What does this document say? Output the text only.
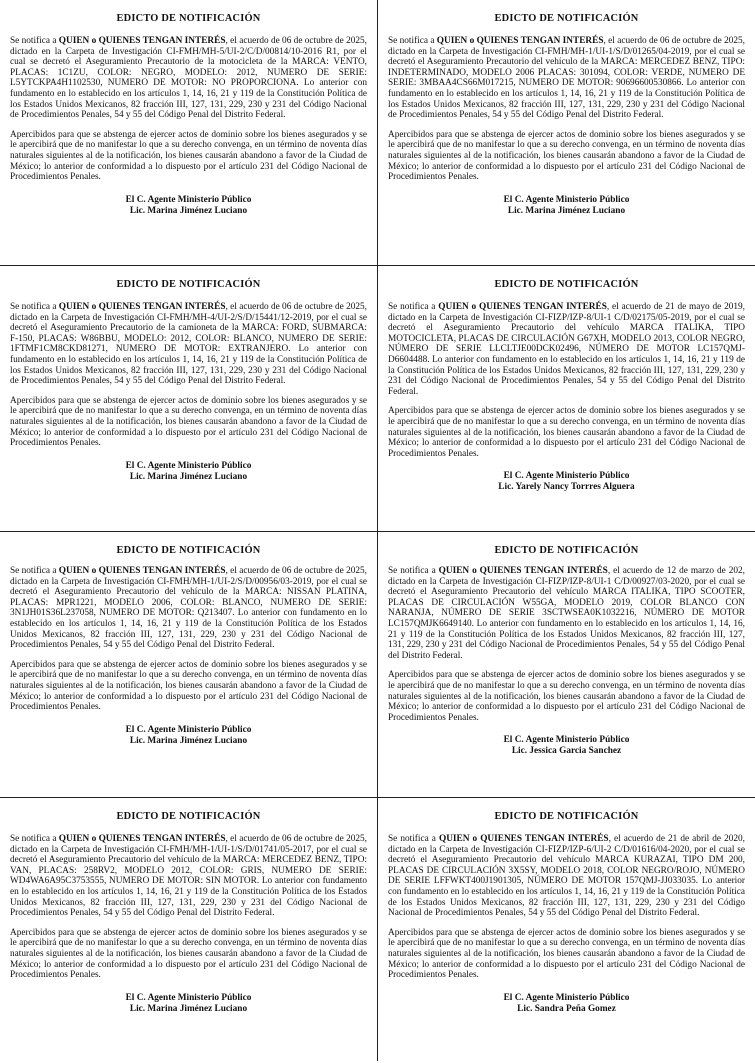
EDICTO DE NOTIFICACIÓN

Se notifica a QUIEN o QUIENES TENGAN INTERÉS, el acuerdo de 06 de octubre de 2025, dictado en la Carpeta de Investigación CI-FMH/MH-5/UI-2/C/D/00814/10-2016 R1, por el cual se decretó el Aseguramiento Precautorio de la motocicleta de la MARCA: VENTO, PLACAS: 1C1ZU, COLOR: NEGRO, MODELO: 2012, NUMERO DE SERIE: L5YTCKPA4H1102530, NUMERO DE MOTOR: NO PROPORCIONA. Lo anterior con fundamento en lo establecido en los artículos 1, 14, 16, 21 y 119 de la Constitución Política de los Estados Unidos Mexicanos, 82 fracción III, 127, 131, 229, 230 y 231 del Código Nacional de Procedimientos Penales, 54 y 55 del Código Penal del Distrito Federal.

Apercibidos para que se abstenga de ejercer actos de dominio sobre los bienes asegurados y se le apercibirá que de no manifestar lo que a su derecho convenga, en un término de noventa días naturales siguientes al de la notificación, los bienes causarán abandono a favor de la Ciudad de México; lo anterior de conformidad a lo dispuesto por el artículo 231 del Código Nacional de Procedimientos Penales.

El C. Agente Ministerio Público
Lic. Marina Jiménez Luciano
EDICTO DE NOTIFICACIÓN

Se notifica a QUIEN o QUIENES TENGAN INTERÉS, el acuerdo de 06 de octubre de 2025, dictado en la Carpeta de Investigación CI-FMH/MH-1/UI-1/S/D/01265/04-2019, por el cual se decretó el Aseguramiento Precautorio del vehículo de la MARCA: MERCEDEZ BENZ, TIPO: INDETERMINADO, MODELO 2006 PLACAS: 301094, COLOR: VERDE, NUMERO DE SERIE: 3MBAA4CS66M017215, NUMERO DE MOTOR: 90696600530866. Lo anterior con fundamento en lo establecido en los artículos 1, 14, 16, 21 y 119 de la Constitución Política de los Estados Unidos Mexicanos, 82 fracción III, 127, 131, 229, 230 y 231 del Código Nacional de Procedimientos Penales, 54 y 55 del Código Penal del Distrito Federal.

Apercibidos para que se abstenga de ejercer actos de dominio sobre los bienes asegurados y se le apercibirá que de no manifestar lo que a su derecho convenga, en un término de noventa días naturales siguientes al de la notificación, los bienes causarán abandono a favor de la Ciudad de México; lo anterior de conformidad a lo dispuesto por el artículo 231 del Código Nacional de Procedimientos Penales.

El C. Agente Ministerio Público
Lic. Marina Jiménez Luciano
EDICTO DE NOTIFICACIÓN

Se notifica a QUIEN o QUIENES TENGAN INTERÉS, el acuerdo de 06 de octubre de 2025, dictado en la Carpeta de Investigación CI-FMH/MH-4/UI-2/S/D/15441/12-2019, por el cual se decretó el Aseguramiento Precautorio de la camioneta de la MARCA: FORD, SUBMARCA: F-150, PLACAS: W86BBU, MODELO: 2012, COLOR: BLANCO, NUMERO DE SERIE: 1FTMF1CM8CKD81271, NUMERO DE MOTOR: EXTRANJERO. Lo anterior con fundamento en lo establecido en los artículos 1, 14, 16, 21 y 119 de la Constitución Política de los Estados Unidos Mexicanos, 82 fracción III, 127, 131, 229, 230 y 231 del Código Nacional de Procedimientos Penales, 54 y 55 del Código Penal del Distrito Federal.

Apercibidos para que se abstenga de ejercer actos de dominio sobre los bienes asegurados y se le apercibirá que de no manifestar lo que a su derecho convenga, en un término de noventa días naturales siguientes al de la notificación, los bienes causarán abandono a favor de la Ciudad de México; lo anterior de conformidad a lo dispuesto por el artículo 231 del Código Nacional de Procedimientos Penales.

El C. Agente Ministerio Público
Lic. Marina Jiménez Luciano
EDICTO DE NOTIFICACIÓN

Se notifica a QUIEN o QUIENES TENGAN INTERÉS, el acuerdo de 21 de mayo de 2019, dictado en la Carpeta de Investigación CI-FIZP/IZP-8/UI-1 C/D/02175/05-2019, por el cual se decretó el Aseguramiento Precautorio del vehículo MARCA ITALIKA, TIPO MOTOCICLETA, PLACAS DE CIRCULACIÓN G67XH, MODELO 2013, COLOR NEGRO, NÚMERO DE SERIE LLCLTJE00DCK02496, NÚMERO DE MOTOR LC157QMJ-D6604488. Lo anterior con fundamento en lo establecido en los artículos 1, 14, 16, 21 y 119 de la Constitución Política de los Estados Unidos Mexicanos, 82 fracción III, 127, 131, 229, 230 y 231 del Código Nacional de Procedimientos Penales, 54 y 55 del Código Penal del Distrito Federal.

Apercibidos para que se abstenga de ejercer actos de dominio sobre los bienes asegurados y se le apercibirá que de no manifestar lo que a su derecho convenga, en un término de noventa días naturales siguientes al de la notificación, los bienes causarán abandono a favor de la Ciudad de México; lo anterior de conformidad a lo dispuesto por el artículo 231 del Código Nacional de Procedimientos Penales.

El C. Agente Ministerio Público
Lic. Yarely Nancy Torrres Alguera
EDICTO DE NOTIFICACIÓN

Se notifica a QUIEN o QUIENES TENGAN INTERÉS, el acuerdo de 06 de octubre de 2025, dictado en la Carpeta de Investigación CI-FMH/MH-1/UI-2/S/D/00956/03-2019, por el cual se decretó el Aseguramiento Precautorio del vehículo de la MARCA: NISSAN PLATINA, PLACAS: MPR1221, MODELO 2006, COLOR: BLANCO, NUMERO DE SERIE: 3N1JH01S36L237058, NUMERO DE MOTOR: Q213407. Lo anterior con fundamento en lo establecido en los artículos 1, 14, 16, 21 y 119 de la Constitución Política de los Estados Unidos Mexicanos, 82 fracción III, 127, 131, 229, 230 y 231 del Código Nacional de Procedimientos Penales, 54 y 55 del Código Penal del Distrito Federal.

Apercibidos para que se abstenga de ejercer actos de dominio sobre los bienes asegurados y se le apercibirá que de no manifestar lo que a su derecho convenga, en un término de noventa días naturales siguientes al de la notificación, los bienes causarán abandono a favor de la Ciudad de México; lo anterior de conformidad a lo dispuesto por el artículo 231 del Código Nacional de Procedimientos Penales.

El C. Agente Ministerio Público
Lic. Marina Jiménez Luciano
EDICTO DE NOTIFICACIÓN

Se notifica a QUIEN o QUIENES TENGAN INTERÉS, el acuerdo de 12 de marzo de 202, dictado en la Carpeta de Investigación CI-FIZP/IZP-8/UI-1 C/D/00927/03-2020, por el cual se decretó el Aseguramiento Precautorio del vehículo MARCA ITALIKA, TIPO SCOOTER, PLACAS DE CIRCULACIÓN W55GA, MODELO 2019, COLOR BLANCO CON NARANJA, NÚMERO DE SERIE 3SCTWSEA0K1032216, NÚMERO DE MOTOR LC157QMJK6649140. Lo anterior con fundamento en lo establecido en los artículos 1, 14, 16, 21 y 119 de la Constitución Política de los Estados Unidos Mexicanos, 82 fracción III, 127, 131, 229, 230 y 231 del Código Nacional de Procedimientos Penales, 54 y 55 del Código Penal del Distrito Federal.

Apercibidos para que se abstenga de ejercer actos de dominio sobre los bienes asegurados y se le apercibirá que de no manifestar lo que a su derecho convenga, en un término de noventa días naturales siguientes al de la notificación, los bienes causarán abandono a favor de la Ciudad de México; lo anterior de conformidad a lo dispuesto por el artículo 231 del Código Nacional de Procedimientos Penales.

El C. Agente Ministerio Público
Lic. Jessica Garcia Sanchez
EDICTO DE NOTIFICACIÓN

Se notifica a QUIEN o QUIENES TENGAN INTERÉS, el acuerdo de 06 de octubre de 2025, dictado en la Carpeta de Investigación CI-FMH/MH-1/UI-1/S/D/01741/05-2017, por el cual se decretó el Aseguramiento Precautorio del vehículo de la MARCA: MERCEDEZ BENZ, TIPO: VAN, PLACAS: 258RV2, MODELO 2012, COLOR: GRIS, NUMERO DE SERIE: WD4WA6A95C3753555, NUMERO DE MOTOR: SIN MOTOR. Lo anterior con fundamento en lo establecido en los artículos 1, 14, 16, 21 y 119 de la Constitución Política de los Estados Unidos Mexicanos, 82 fracción III, 127, 131, 229, 230 y 231 del Código Nacional de Procedimientos Penales, 54 y 55 del Código Penal del Distrito Federal.

Apercibidos para que se abstenga de ejercer actos de dominio sobre los bienes asegurados y se le apercibirá que de no manifestar lo que a su derecho convenga, en un término de noventa días naturales siguientes al de la notificación, los bienes causarán abandono a favor de la Ciudad de México; lo anterior de conformidad a lo dispuesto por el artículo 231 del Código Nacional de Procedimientos Penales.

El C. Agente Ministerio Público
Lic. Marina Jiménez Luciano
EDICTO DE NOTIFICACIÓN

Se notifica a QUIEN o QUIENES TENGAN INTERÉS, el acuerdo de 21 de abril de 2020, dictado en la Carpeta de Investigación CI-FIZP/IZP-6/UI-2 C/D/01616/04-2020, por el cual se decretó el Aseguramiento Precautorio del vehículo MARCA KURAZAI, TIPO DM 200, PLACAS DE CIRCULACIÓN 3X5SY, MODELO 2018, COLOR NEGRO/ROJO, NÚMERO DE SERIE LFFWKT400J1901305, NÚMERO DE MOTOR 157QMJ-JJ033035. Lo anterior con fundamento en lo establecido en los artículos 1, 14, 16, 21 y 119 de la Constitución Política de los Estados Unidos Mexicanos, 82 fracción III, 127, 131, 229, 230 y 231 del Código Nacional de Procedimientos Penales, 54 y 55 del Código Penal del Distrito Federal.

Apercibidos para que se abstenga de ejercer actos de dominio sobre los bienes asegurados y se le apercibirá que de no manifestar lo que a su derecho convenga, en un término de noventa días naturales siguientes al de la notificación, los bienes causarán abandono a favor de la Ciudad de México; lo anterior de conformidad a lo dispuesto por el artículo 231 del Código Nacional de Procedimientos Penales.

El C. Agente Ministerio Público
Lic. Sandra Peña Gomez
